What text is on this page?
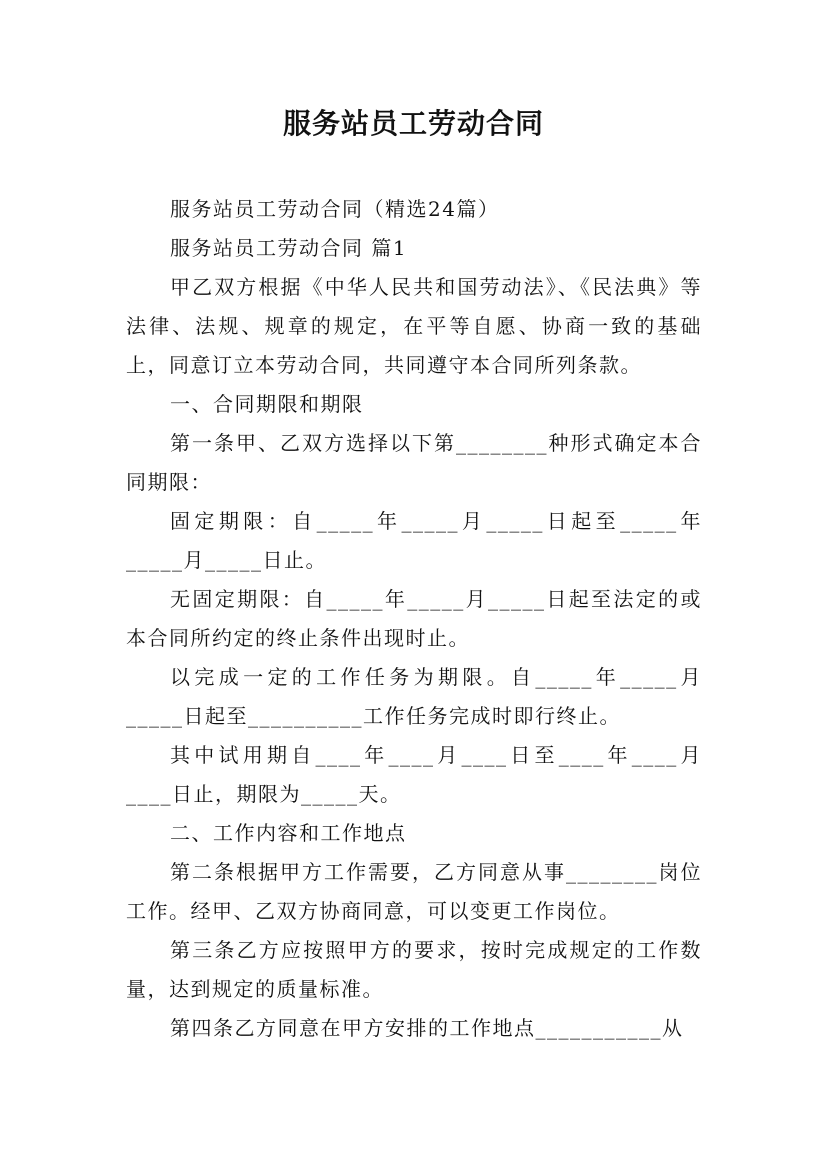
服务站员工劳动合同

服务站员工劳动合同（精选24篇）

服务站员工劳动合同 篇1

甲乙双方根据《中华人民共和国劳动法》、《民法典》等法律、法规、规章的规定，在平等自愿、协商一致的基础上，同意订立本劳动合同，共同遵守本合同所列条款。

一、合同期限和期限

第一条甲、乙双方选择以下第________种形式确定本合同期限：

固定期限：自_____年_____月_____日起至_____年_____月_____日止。

无固定期限：自_____年_____月_____日起至法定的或本合同所约定的终止条件出现时止。

以完成一定的工作任务为期限。自_____年_____月_____日起至__________工作任务完成时即行终止。

其中试用期自____年____月____日至____年____月____日止，期限为_____天。

二、工作内容和工作地点

第二条根据甲方工作需要，乙方同意从事________岗位工作。经甲、乙双方协商同意，可以变更工作岗位。

第三条乙方应按照甲方的要求，按时完成规定的工作数量，达到规定的质量标准。

第四条乙方同意在甲方安排的工作地点___________从
